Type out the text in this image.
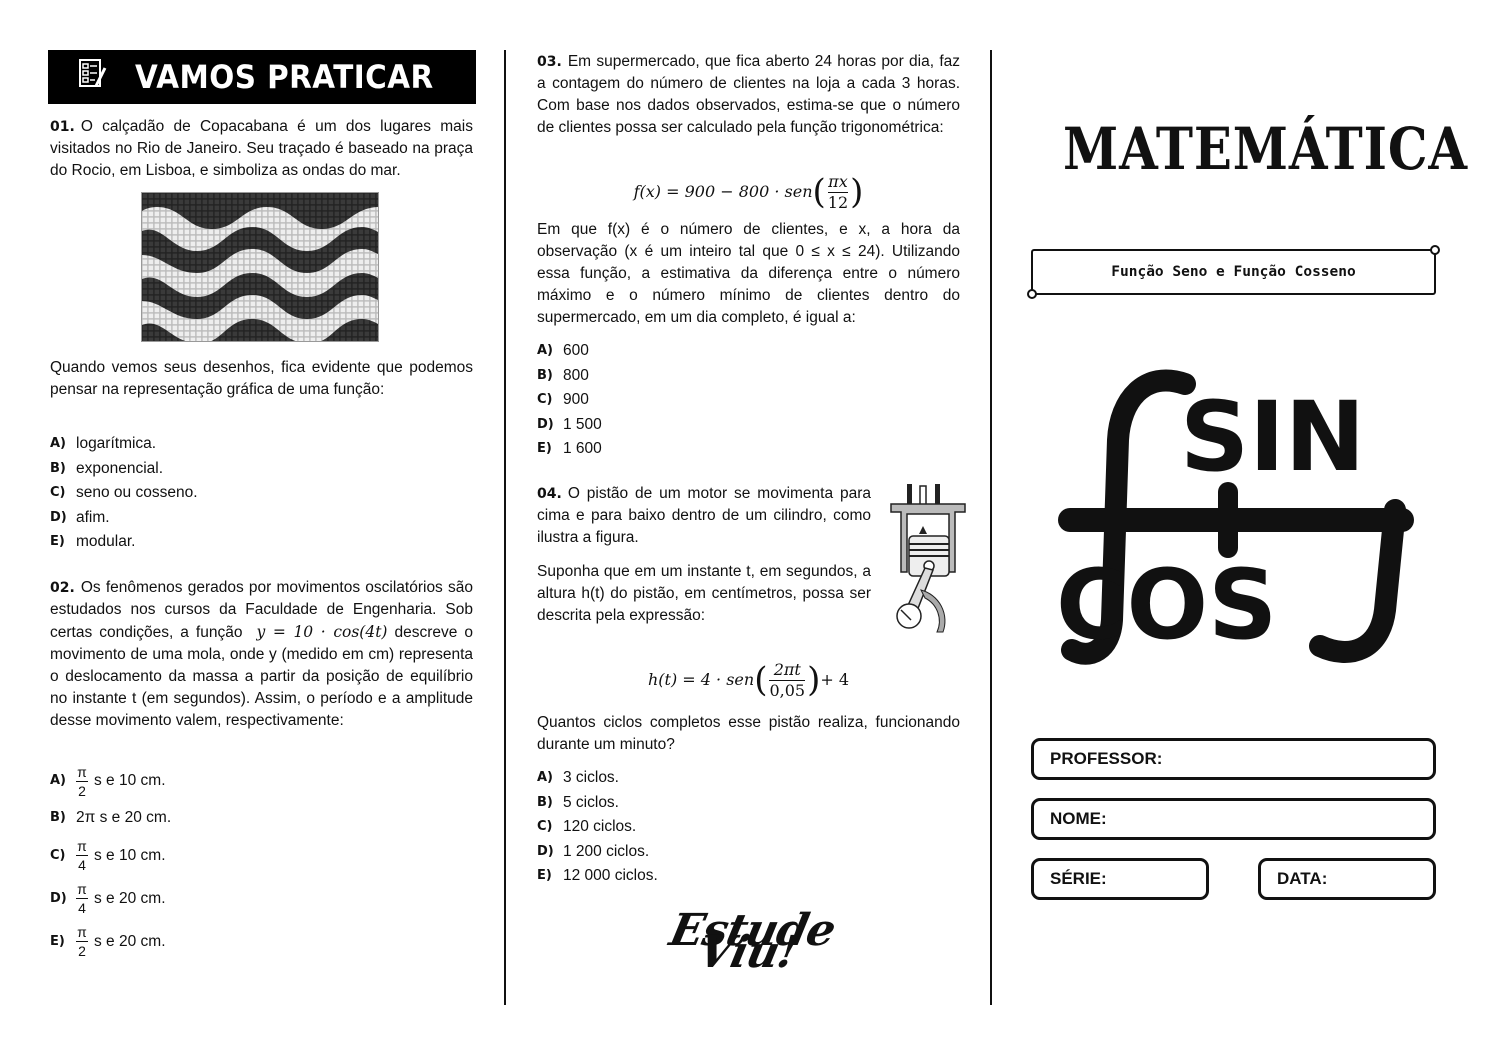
VAMOS PRATICAR
01. O calçadão de Copacabana é um dos lugares mais visitados no Rio de Janeiro. Seu traçado é baseado na praça do Rocio, em Lisboa, e simboliza as ondas do mar.
Quando vemos seus desenhos, fica evidente que podemos pensar na representação gráfica de uma função:
A) logarítmica.
B) exponencial.
C) seno ou cosseno.
D) afim.
E) modular.
02. Os fenômenos gerados por movimentos oscilatórios são estudados nos cursos da Faculdade de Engenharia. Sob certas condições, a função y = 10 · cos(4t) descreve o movimento de uma mola, onde y (medido em cm) representa o deslocamento da massa a partir da posição de equilíbrio no instante t (em segundos). Assim, o período e a amplitude desse movimento valem, respectivamente:
$A) \frac{\pi}{2}$ s e 10 cm.
B) 2π s e 20 cm.
$C) \frac{\pi}{4}$ s e 10 cm.
$D) \frac{\pi}{4}$ s e 20 cm.
$E) \frac{\pi}{2}$ s e 20 cm.
03. Em supermercado, que fica aberto 24 horas por dia, faz a contagem do número de clientes na loja a cada 3 horas. Com base nos dados observados, estima-se que o número de clientes possa ser calculado pela função trigonométrica:
f(x) = 900 − 800 · sen ( πx
12 )
Em que f(x) é o número de clientes, e x, a hora da observação (x é um inteiro tal que 0 ≤ x ≤ 24). Utilizando essa função, a estimativa da diferença entre o número máximo e o número mínimo de clientes dentro do supermercado, em um dia completo, é igual a:
A) 600
B) 800
C) 900
D) 1 500
E) 1 600
04. O pistão de um motor se movimenta para cima e para baixo dentro de um cilindro, como ilustra a figura.
Suponha que em um instante t, em segundos, a altura h(t) do pistão, em centímetros, possa ser descrita pela expressão:
h(t) = 4 · sen ( 2πt
0,05 ) + 4
Quantos ciclos completos esse pistão realiza, funcionando durante um minuto?
A) 3 ciclos.
B) 5 ciclos.
C) 120 ciclos.
D) 1 200 ciclos.
E) 12 000 ciclos.
Estude Viu!
MATEMÁTICA
Função Seno e Função Cosseno
SIN
COS
PROFESSOR:
NOME:
SÉRIE:	DATA:
